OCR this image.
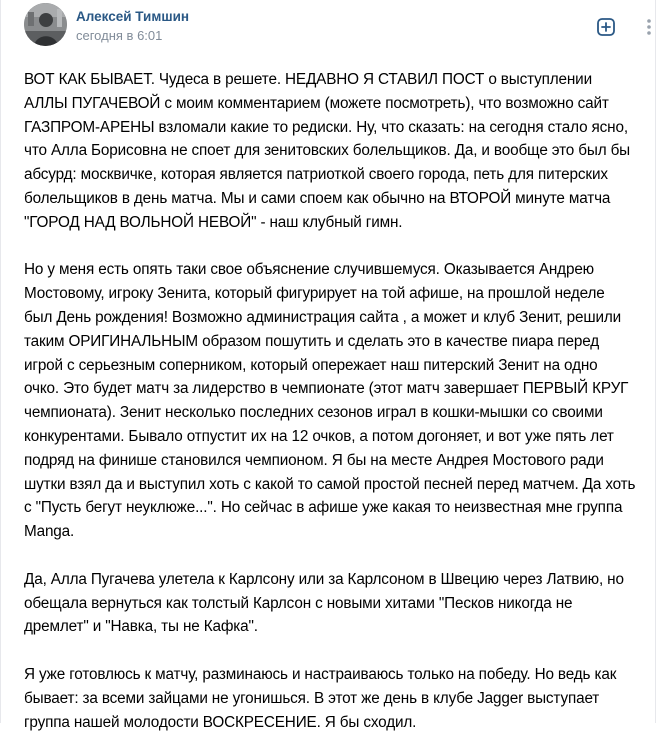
Алексей Тимшин
сегодня в 6:01

ВОТ КАК БЫВАЕТ. Чудеса в решете. НЕДАВНО Я СТАВИЛ ПОСТ о выступлении АЛЛЫ ПУГАЧЕВОЙ с моим комментарием (можете посмотреть), что возможно сайт ГАЗПРОМ-АРЕНЫ взломали какие то редиски. Ну, что сказать: на сегодня стало ясно, что Алла Борисовна не споет для зенитовских болельщиков. Да, и вообще это был бы абсурд: москвичке, которая является патриоткой своего города, петь для питерских болельщиков в день матча. Мы и сами споем как обычно на ВТОРОЙ минуте матча "ГОРОД НАД ВОЛЬНОЙ НЕВОЙ" - наш клубный гимн.

Но у меня есть опять таки свое объяснение случившемуся. Оказывается Андрею Мостовому, игроку Зенита, который фигурирует на той афише, на прошлой неделе был День рождения! Возможно администрация сайта , а может и клуб Зенит, решили таким ОРИГИНАЛЬНЫМ образом пошутить и сделать это в качестве пиара перед игрой с серьезным соперником, который опережает наш питерский Зенит на одно очко. Это будет матч за лидерство в чемпионате (этот матч завершает ПЕРВЫЙ КРУГ чемпионата). Зенит несколько последних сезонов играл в кошки-мышки со своими конкурентами. Бывало отпустит их на 12 очков, а потом догоняет, и вот уже пять лет подряд на финише становился чемпионом. Я бы на месте Андрея Мостового ради шутки взял да и выступил хоть с какой то самой простой песней перед матчем. Да хоть с "Пусть бегут неуклюже...". Но сейчас в афише уже какая то неизвестная мне группа Manga.

Да, Алла Пугачева улетела к Карлсону или за Карлсоном в Швецию через Латвию, но обещала вернуться как толстый Карлсон с новыми хитами "Песков никогда не дремлет" и "Навка, ты не Кафка".

Я уже готовлюсь к матчу, разминаюсь и настраиваюсь только на победу. Но ведь как бывает: за всеми зайцами не угонишься. В этот же день в клубе Jagger выступает группа нашей молодости ВОСКРЕСЕНИЕ. Я бы сходил.
